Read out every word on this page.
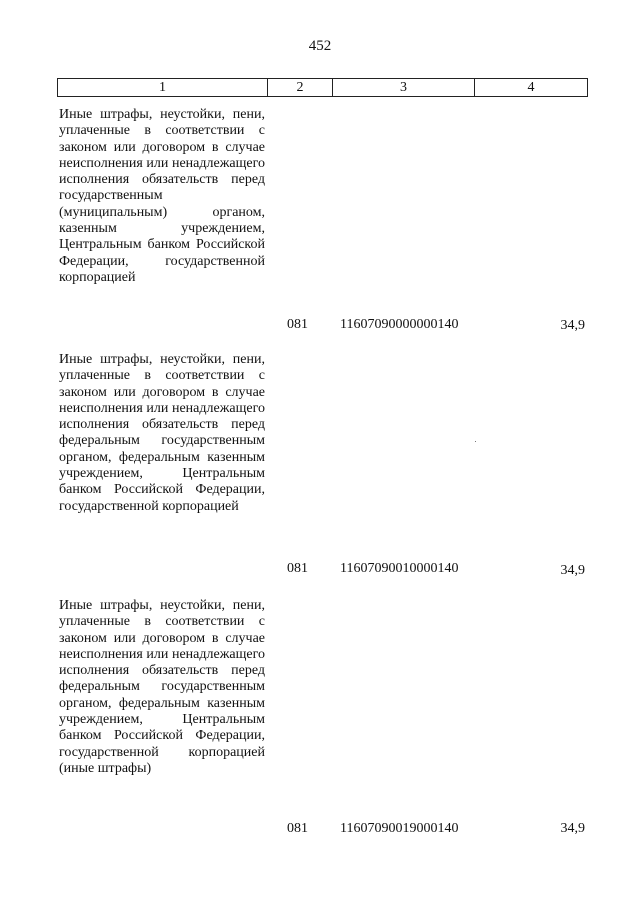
452
1	2	3	4
Иные штрафы, неустойки, пени, уплаченные в соответствии с законом или договором в случае неисполнения или ненадлежащего исполнения обязательств перед государственным (муниципальным) органом, казенным учреждением, Центральным банком Российской Федерации, государственной корпорацией
081 11607090000000140	34,9
Иные штрафы, неустойки, пени, уплаченные в соответствии с законом или договором в случае неисполнения или ненадлежащего исполнения обязательств перед федеральным государственным органом, федеральным казенным учреждением, Центральным банком Российской Федерации, государственной корпорацией
081 11607090010000140	34,9
Иные штрафы, неустойки, пени, уплаченные в соответствии с законом или договором в случае неисполнения или ненадлежащего исполнения обязательств перед федеральным государственным органом, федеральным казенным учреждением, Центральным банком Российской Федерации, государственной корпорацией (иные штрафы)
081 11607090019000140	34,9
